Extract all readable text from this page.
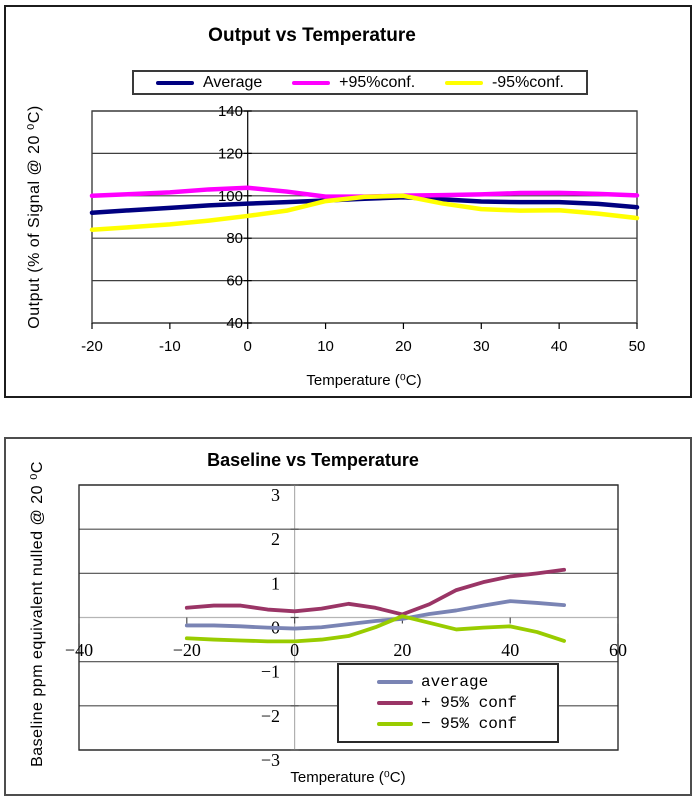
140
120
100
80
60
40
-20	-10	0	10	20	30	40	50
3
2
1
0
−1
−2
−3
−40	−20	0	20	40	60
Output vs Temperature
Average	+95%conf.	-95%conf.
Temperature (⁰C)
Output (% of Signal @ 20 ⁰C)
Baseline vs Temperature
Temperature (⁰C)
Baseline ppm equivalent nulled @ 20 ⁰C	average
+ 95% conf
− 95% conf
